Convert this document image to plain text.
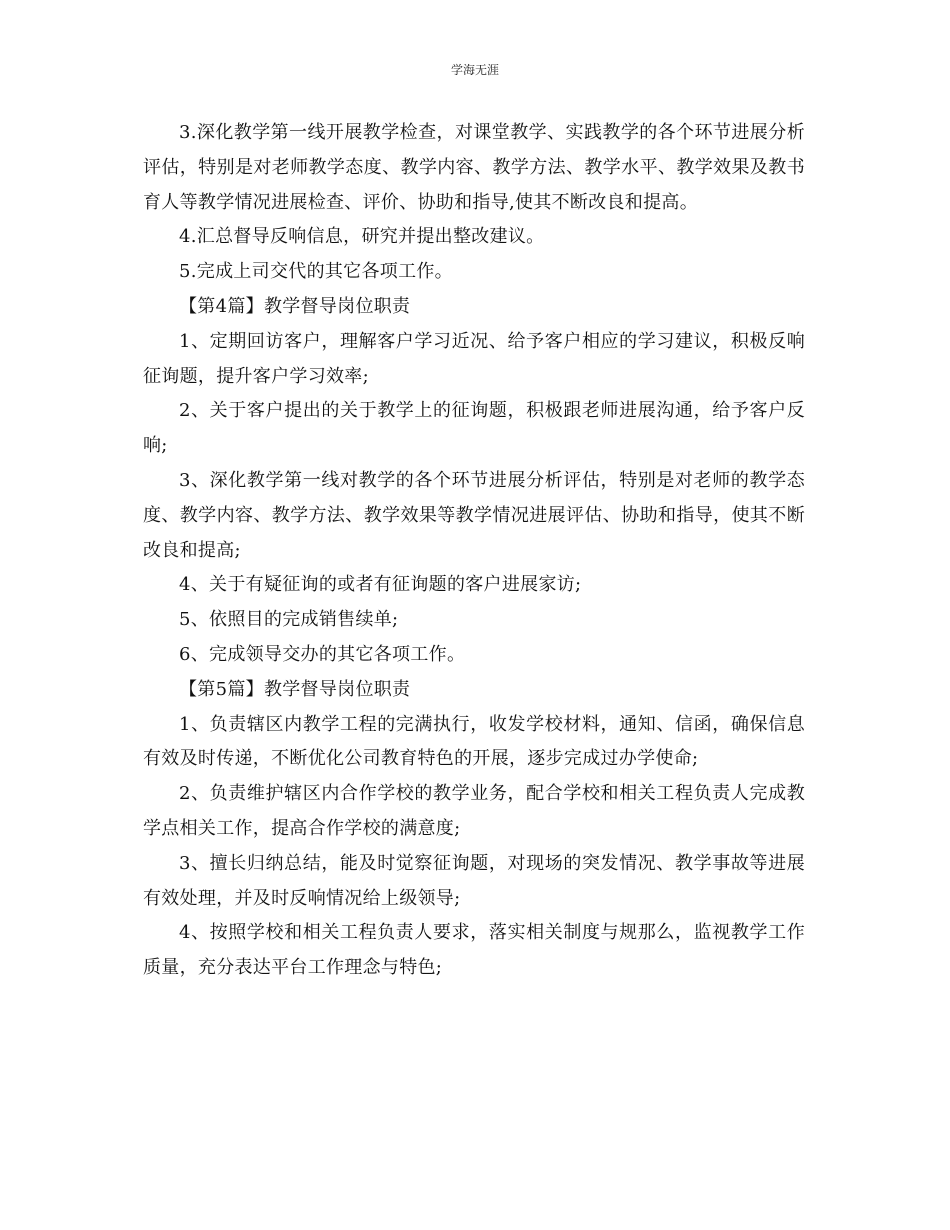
学海无涯

3.深化教学第一线开展教学检查，对课堂教学、实践教学的各个环节进展分析评估，特别是对老师教学态度、教学内容、教学方法、教学水平、教学效果及教书育人等教学情况进展检查、评价、协助和指导,使其不断改良和提高。

4.汇总督导反响信息，研究并提出整改建议。

5.完成上司交代的其它各项工作。

【第4篇】教学督导岗位职责

1、定期回访客户，理解客户学习近况、给予客户相应的学习建议，积极反响征询题，提升客户学习效率;

2、关于客户提出的关于教学上的征询题，积极跟老师进展沟通，给予客户反响;

3、深化教学第一线对教学的各个环节进展分析评估，特别是对老师的教学态度、教学内容、教学方法、教学效果等教学情况进展评估、协助和指导，使其不断改良和提高;

4、关于有疑征询的或者有征询题的客户进展家访;

5、依照目的完成销售续单;

6、完成领导交办的其它各项工作。

【第5篇】教学督导岗位职责

1、负责辖区内教学工程的完满执行，收发学校材料，通知、信函，确保信息有效及时传递，不断优化公司教育特色的开展，逐步完成过办学使命;

2、负责维护辖区内合作学校的教学业务，配合学校和相关工程负责人完成教学点相关工作，提高合作学校的满意度;

3、擅长归纳总结，能及时觉察征询题，对现场的突发情况、教学事故等进展有效处理，并及时反响情况给上级领导;

4、按照学校和相关工程负责人要求，落实相关制度与规那么，监视教学工作质量，充分表达平台工作理念与特色;
